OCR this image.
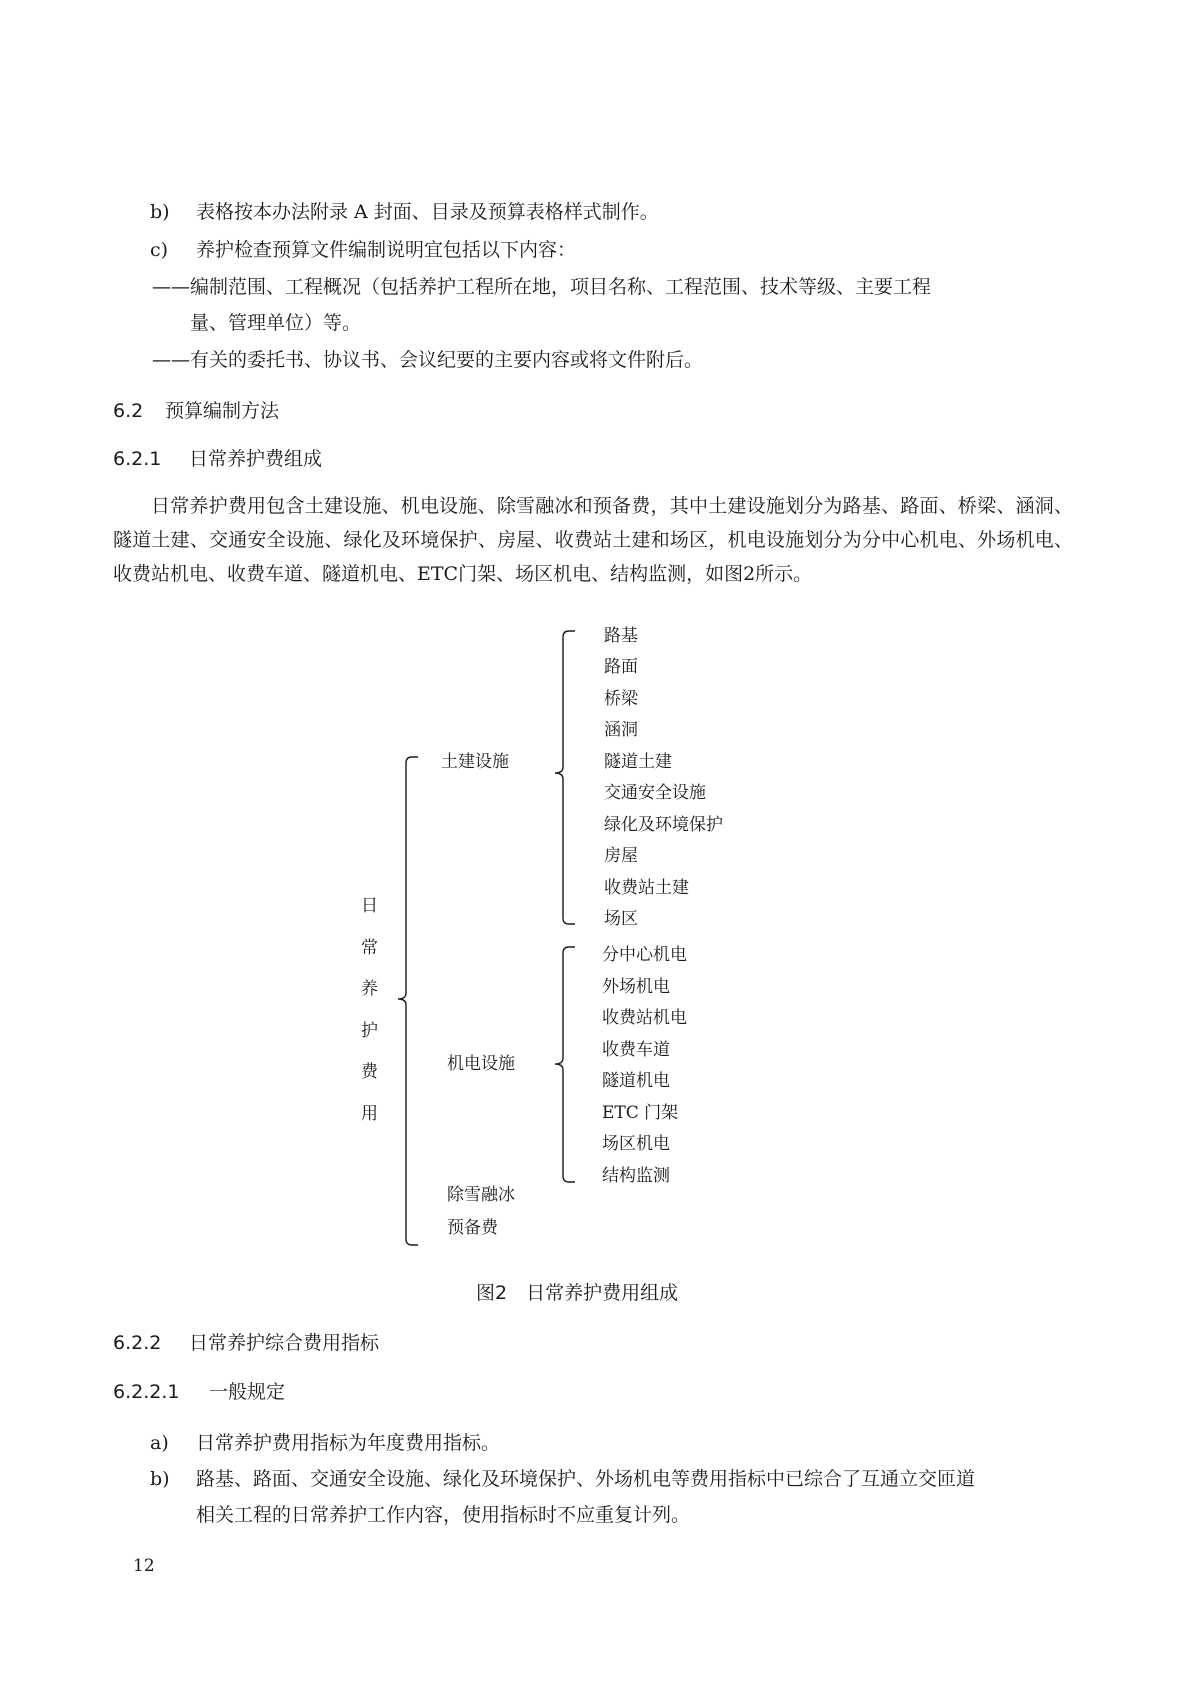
b) 表格按本办法附录 A 封面、目录及预算表格样式制作。
c) 养护检查预算文件编制说明宜包括以下内容：
——编制范围、工程概况（包括养护工程所在地，项目名称、工程范围、技术等级、主要工程
量、管理单位）等。
——有关的委托书、协议书、会议纪要的主要内容或将文件附后。
6.2 预算编制方法
6.2.1 日常养护费组成
日常养护费用包含土建设施、机电设施、除雪融冰和预备费，其中土建设施划分为路基、路面、桥梁、涵洞、隧道土建、交通安全设施、绿化及环境保护、房屋、收费站土建和场区，机电设施划分为分中心机电、外场机电、收费站机电、收费车道、隧道机电、ETC门架、场区机电、结构监测，如图2所示。
日
常
养
护
费
用
土建设施
机电设施
除雪融冰
预备费
路基
路面
桥梁
涵洞
隧道土建
交通安全设施
绿化及环境保护
房屋
收费站土建
场区
分中心机电
外场机电
收费站机电
收费车道
隧道机电
ETC 门架
场区机电
结构监测
图2　日常养护费用组成
6.2.2 日常养护综合费用指标
6.2.2.1 一般规定
a) 日常养护费用指标为年度费用指标。
b) 路基、路面、交通安全设施、绿化及环境保护、外场机电等费用指标中已综合了互通立交匝道
相关工程的日常养护工作内容，使用指标时不应重复计列。
12
